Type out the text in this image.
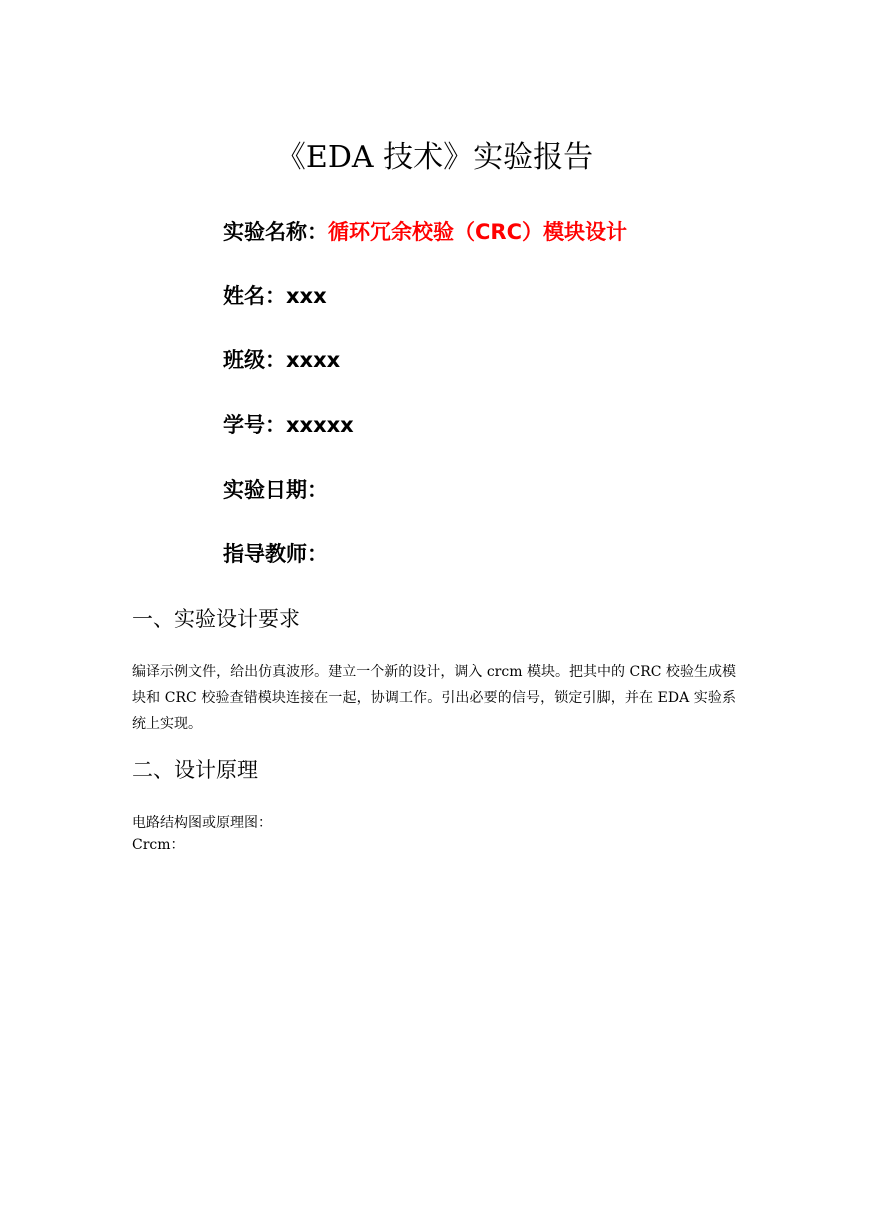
《EDA 技术》实验报告
实验名称：循环冗余校验（CRC）模块设计
姓名：xxx
班级：xxxx
学号：xxxxx
实验日期：
指导教师：
一、实验设计要求
编译示例文件，给出仿真波形。建立一个新的设计，调入 crcm 模块。把其中的 CRC 校验生成模块和 CRC 校验查错模块连接在一起，协调工作。引出必要的信号，锁定引脚，并在 EDA 实验系统上实现。
二、设计原理
电路结构图或原理图：
Crcm：
